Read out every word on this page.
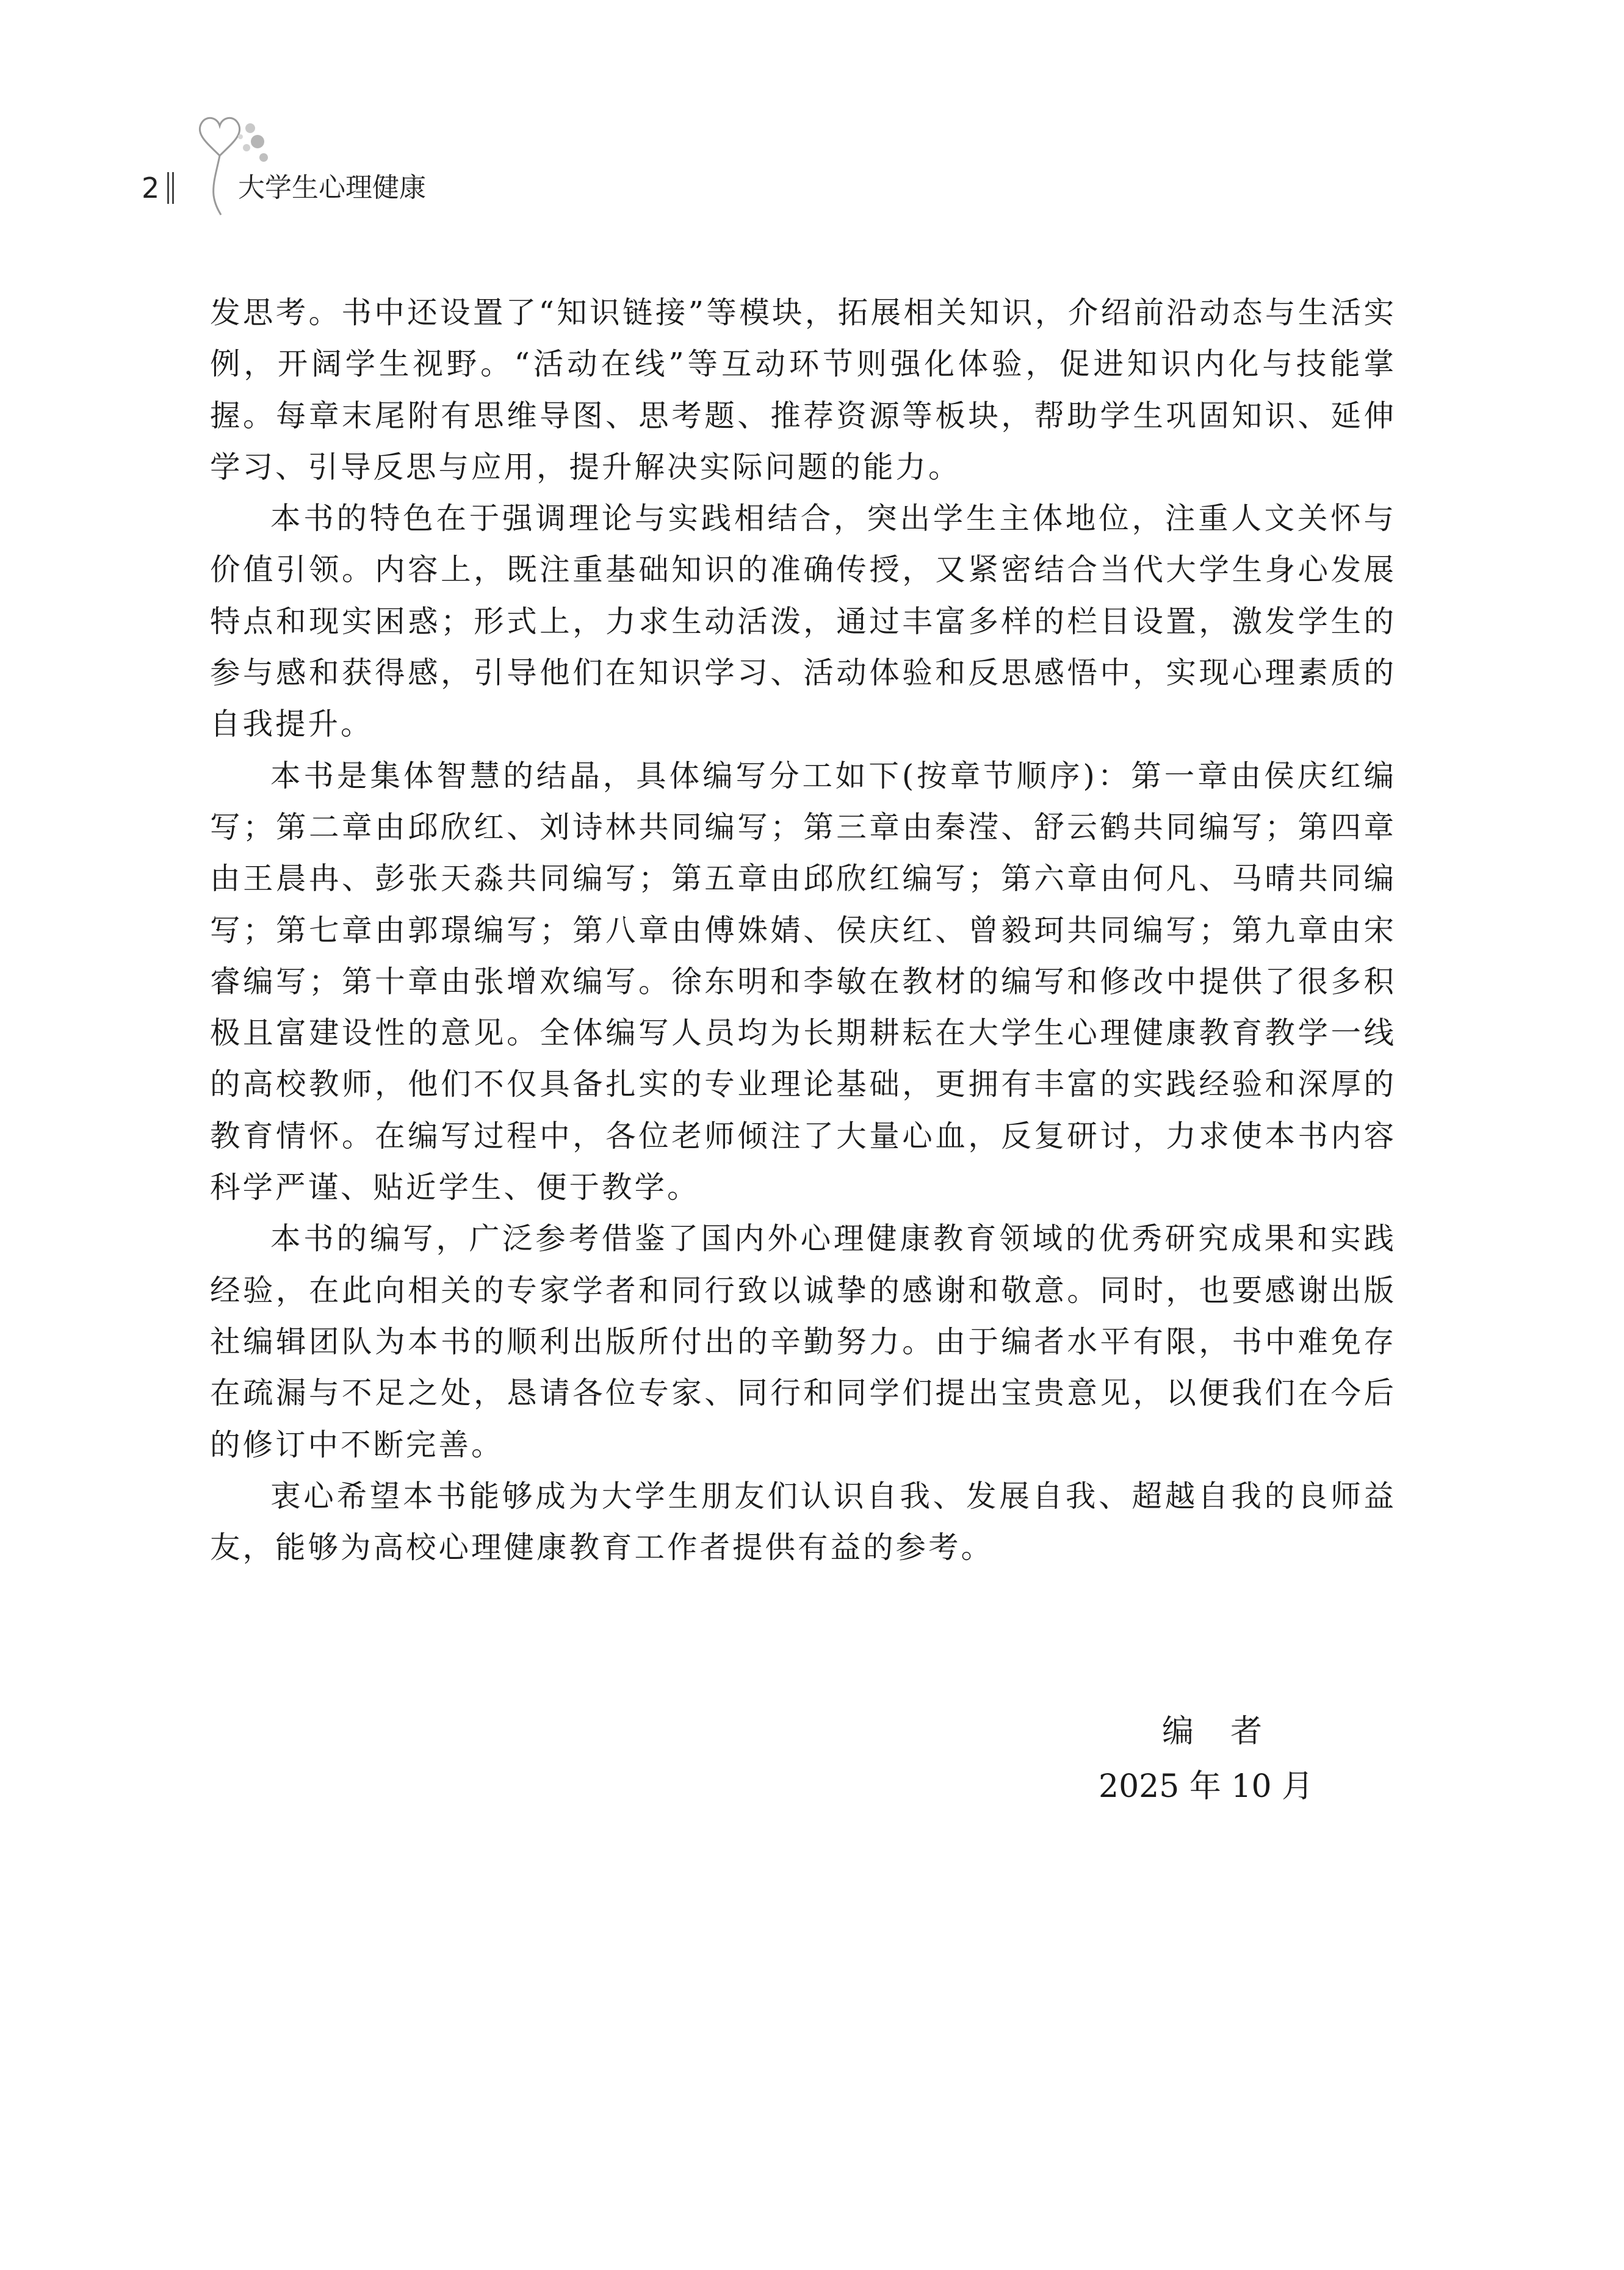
2	大学生心理健康

发思考。书中还设置了“知识链接”等模块，拓展相关知识，介绍前沿动态与生活实例，开阔学生视野。“活动在线”等互动环节则强化体验，促进知识内化与技能掌握。每章末尾附有思维导图、思考题、推荐资源等板块，帮助学生巩固知识、延伸学习、引导反思与应用，提升解决实际问题的能力。

本书的特色在于强调理论与实践相结合，突出学生主体地位，注重人文关怀与价值引领。内容上，既注重基础知识的准确传授，又紧密结合当代大学生身心发展特点和现实困惑；形式上，力求生动活泼，通过丰富多样的栏目设置，激发学生的参与感和获得感，引导他们在知识学习、活动体验和反思感悟中，实现心理素质的自我提升。

本书是集体智慧的结晶，具体编写分工如下(按章节顺序)：第一章由侯庆红编写；第二章由邱欣红、刘诗林共同编写；第三章由秦滢、舒云鹤共同编写；第四章由王晨冉、彭张天淼共同编写；第五章由邱欣红编写；第六章由何凡、马晴共同编写；第七章由郭璟编写；第八章由傅姝婧、侯庆红、曾毅珂共同编写；第九章由宋睿编写；第十章由张增欢编写。徐东明和李敏在教材的编写和修改中提供了很多积极且富建设性的意见。全体编写人员均为长期耕耘在大学生心理健康教育教学一线的高校教师，他们不仅具备扎实的专业理论基础，更拥有丰富的实践经验和深厚的教育情怀。在编写过程中，各位老师倾注了大量心血，反复研讨，力求使本书内容科学严谨、贴近学生、便于教学。

本书的编写，广泛参考借鉴了国内外心理健康教育领域的优秀研究成果和实践经验，在此向相关的专家学者和同行致以诚挚的感谢和敬意。同时，也要感谢出版社编辑团队为本书的顺利出版所付出的辛勤努力。由于编者水平有限，书中难免存在疏漏与不足之处，恳请各位专家、同行和同学们提出宝贵意见，以便我们在今后的修订中不断完善。

衷心希望本书能够成为大学生朋友们认识自我、发展自我、超越自我的良师益友，能够为高校心理健康教育工作者提供有益的参考。

编者
2025 年 10 月
